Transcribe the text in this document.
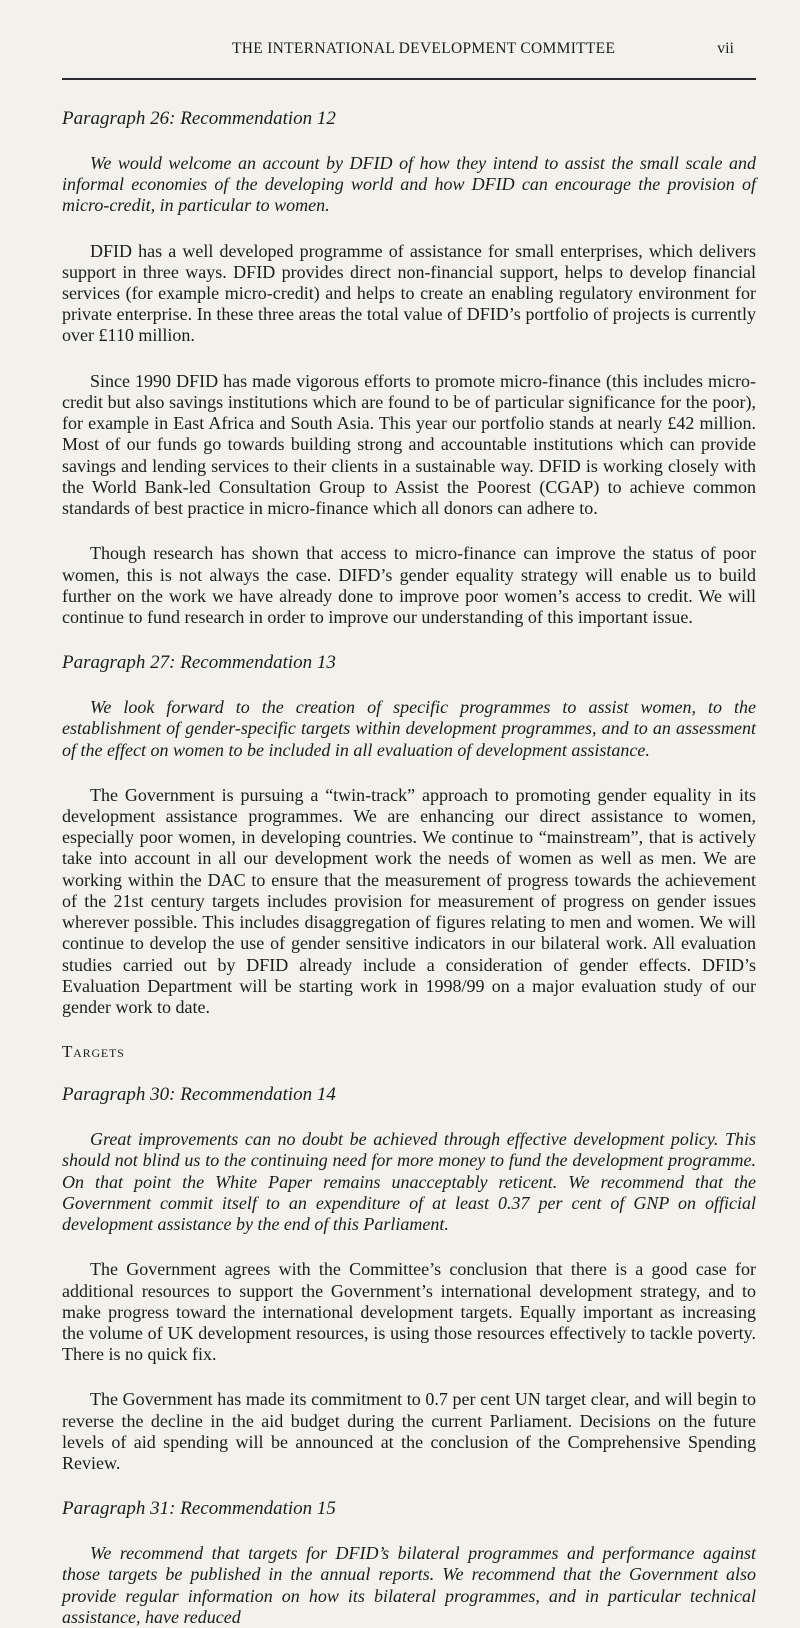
THE INTERNATIONAL DEVELOPMENT COMMITTEE	vii

Paragraph 26: Recommendation 12

We would welcome an account by DFID of how they intend to assist the small scale and informal economies of the developing world and how DFID can encourage the provision of micro-credit, in particular to women.

DFID has a well developed programme of assistance for small enterprises, which delivers support in three ways. DFID provides direct non-financial support, helps to develop financial services (for example micro-credit) and helps to create an enabling regulatory environment for private enterprise. In these three areas the total value of DFID’s portfolio of projects is currently over £110 million.

Since 1990 DFID has made vigorous efforts to promote micro-finance (this includes micro-credit but also savings institutions which are found to be of particular significance for the poor), for example in East Africa and South Asia. This year our portfolio stands at nearly £42 million. Most of our funds go towards building strong and accountable institutions which can provide savings and lending services to their clients in a sustainable way. DFID is working closely with the World Bank-led Consultation Group to Assist the Poorest (CGAP) to achieve common standards of best practice in micro-finance which all donors can adhere to.

Though research has shown that access to micro-finance can improve the status of poor women, this is not always the case. DIFD’s gender equality strategy will enable us to build further on the work we have already done to improve poor women’s access to credit. We will continue to fund research in order to improve our understanding of this important issue.

Paragraph 27: Recommendation 13

We look forward to the creation of specific programmes to assist women, to the establishment of gender-specific targets within development programmes, and to an assessment of the effect on women to be included in all evaluation of development assistance.

The Government is pursuing a “twin-track” approach to promoting gender equality in its development assistance programmes. We are enhancing our direct assistance to women, especially poor women, in developing countries. We continue to “mainstream”, that is actively take into account in all our development work the needs of women as well as men. We are working within the DAC to ensure that the measurement of progress towards the achievement of the 21st century targets includes provision for measurement of progress on gender issues wherever possible. This includes disaggregation of figures relating to men and women. We will continue to develop the use of gender sensitive indicators in our bilateral work. All evaluation studies carried out by DFID already include a consideration of gender effects. DFID’s Evaluation Department will be starting work in 1998/99 on a major evaluation study of our gender work to date.

Targets

Paragraph 30: Recommendation 14

Great improvements can no doubt be achieved through effective development policy. This should not blind us to the continuing need for more money to fund the development programme. On that point the White Paper remains unacceptably reticent. We recommend that the Government commit itself to an expenditure of at least 0.37 per cent of GNP on official development assistance by the end of this Parliament.

The Government agrees with the Committee’s conclusion that there is a good case for additional resources to support the Government’s international development strategy, and to make progress toward the international development targets. Equally important as increasing the volume of UK development resources, is using those resources effectively to tackle poverty. There is no quick fix.

The Government has made its commitment to 0.7 per cent UN target clear, and will begin to reverse the decline in the aid budget during the current Parliament. Decisions on the future levels of aid spending will be announced at the conclusion of the Comprehensive Spending Review.

Paragraph 31: Recommendation 15

We recommend that targets for DFID’s bilateral programmes and performance against those targets be published in the annual reports. We recommend that the Government also provide regular information on how its bilateral programmes, and in particular technical assistance, have reduced
